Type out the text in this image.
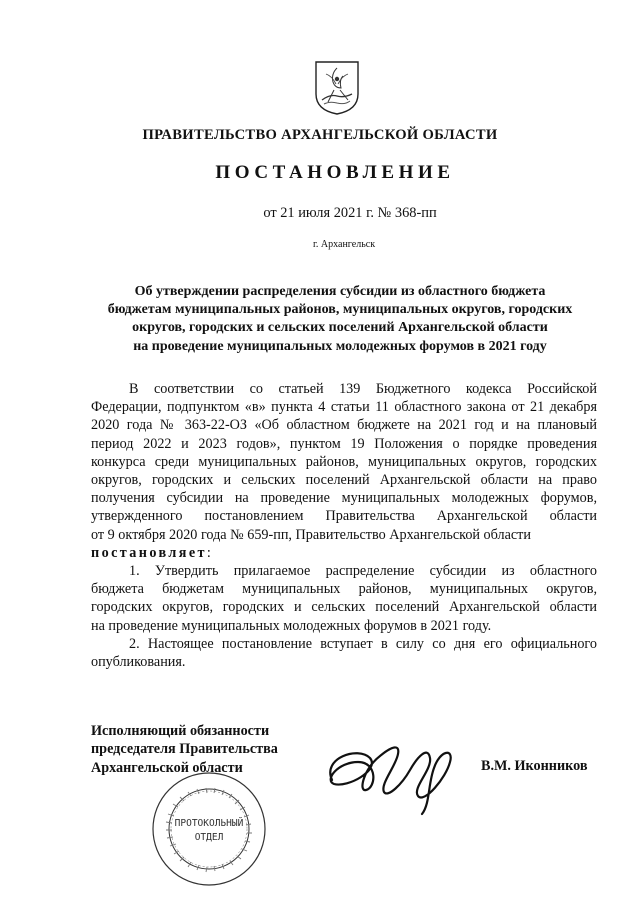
ПРАВИТЕЛЬСТВО АРХАНГЕЛЬСКОЙ ОБЛАСТИ
ПОСТАНОВЛЕНИЕ
от 21 июля 2021 г. № 368-пп
г. Архангельск
Об утверждении распределения субсидии из областного бюджета
бюджетам муниципальных районов, муниципальных округов, городских
округов, городских и сельских поселений Архангельской области
на проведение муниципальных молодежных форумов в 2021 году

В соответствии со статьей 139 Бюджетного кодекса Российской
Федерации, подпунктом «в» пункта 4 статьи 11 областного закона от 21 декабря
2020 года № 363-22-ОЗ «Об областном бюджете на 2021 год и на плановый
период 2022 и 2023 годов», пунктом 19 Положения о порядке проведения
конкурса среди муниципальных районов, муниципальных округов, городских
округов, городских и сельских поселений Архангельской области на право
получения субсидии на проведение муниципальных молодежных форумов,
утвержденного постановлением Правительства Архангельской области
от 9 октября 2020 года № 659-пп, Правительство Архангельской области
постановляет:

1. Утвердить прилагаемое распределение субсидии из областного
бюджета бюджетам муниципальных районов, муниципальных округов,
городских округов, городских и сельских поселений Архангельской области
на проведение муниципальных молодежных форумов в 2021 году.

2. Настоящее постановление вступает в силу со дня его официального
опубликования.

Исполняющий обязанности
председателя Правительства
Архангельской области
ПРОТОКОЛЬНЫЙ
ОТДЕЛ
В.М. Иконников
